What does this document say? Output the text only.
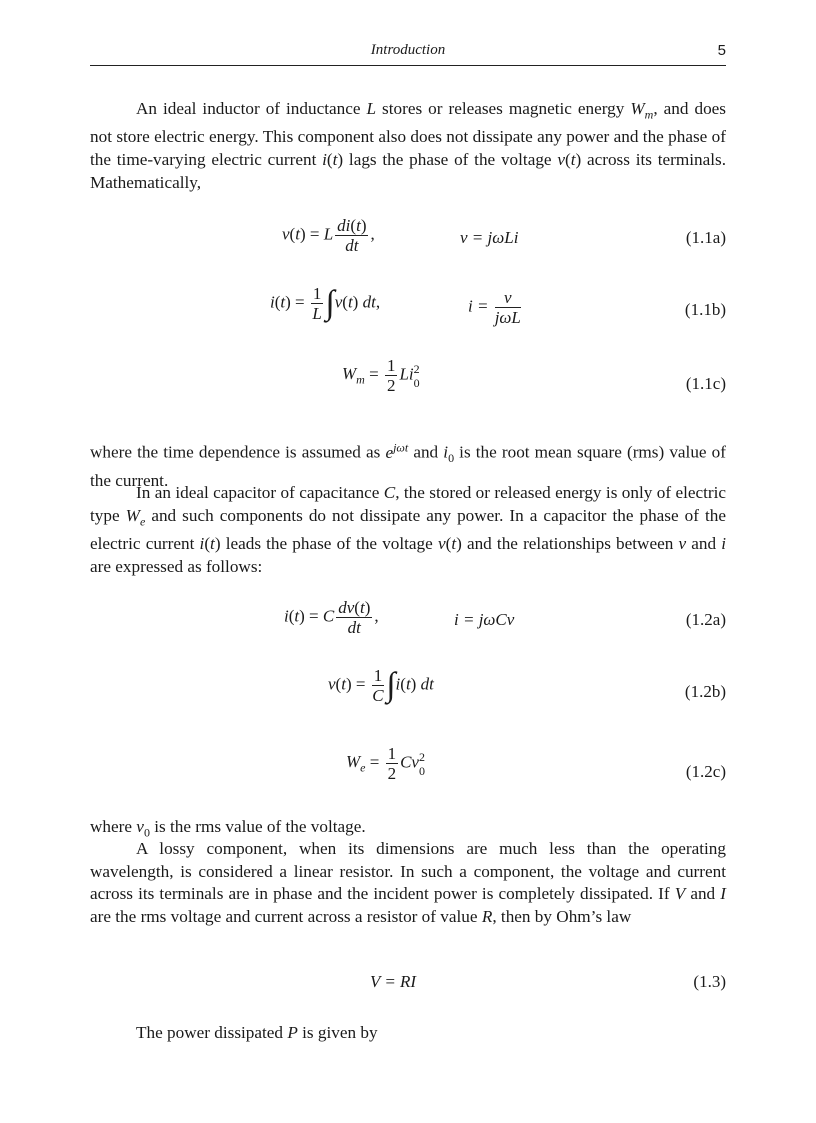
Introduction	5

An ideal inductor of inductance L stores or releases magnetic energy $W_m$, and does not store electric energy. This component also does not dissipate any power and the phase of the time-varying electric current i(t) lags the phase of the voltage v(t) across its terminals. Mathematically,

v(t) = L $\frac{di(t)}{dt}$ ,	v = jωLi	(1.1a)
$i(t) = \frac{1}{L} \int v(t)$ dt,	$i = \frac{v}{\text{jωL}}$	(1.1b)
$W_m = \frac{1}{2} Li2$
0	(1.1c)

where the time dependence is assumed as $e^{j\omega t}$ and $i_0$ is the root mean square (rms) value of the current.

In an ideal capacitor of capacitance C, the stored or released energy is only of electric type $W_e$ and such components do not dissipate any power. In a capacitor the phase of the electric current i(t) leads the phase of the voltage v(t) and the relationships between v and i are expressed as follows:

i(t) = C $\frac{dv(t)}{dt}$ ,	i = jωCv	(1.2a)
$v(t) = \frac{1}{C} \int i(t)$ dt	(1.2b)
$W_e = \frac{1}{2} Cv2$
0	(1.2c)

where $v_0$ is the rms value of the voltage.

A lossy component, when its dimensions are much less than the operating wavelength, is considered a linear resistor. In such a component, the voltage and current across its terminals are in phase and the incident power is completely dissipated. If V and I are the rms voltage and current across a resistor of value R, then by Ohm’s law

V = RI	(1.3)

The power dissipated P is given by
